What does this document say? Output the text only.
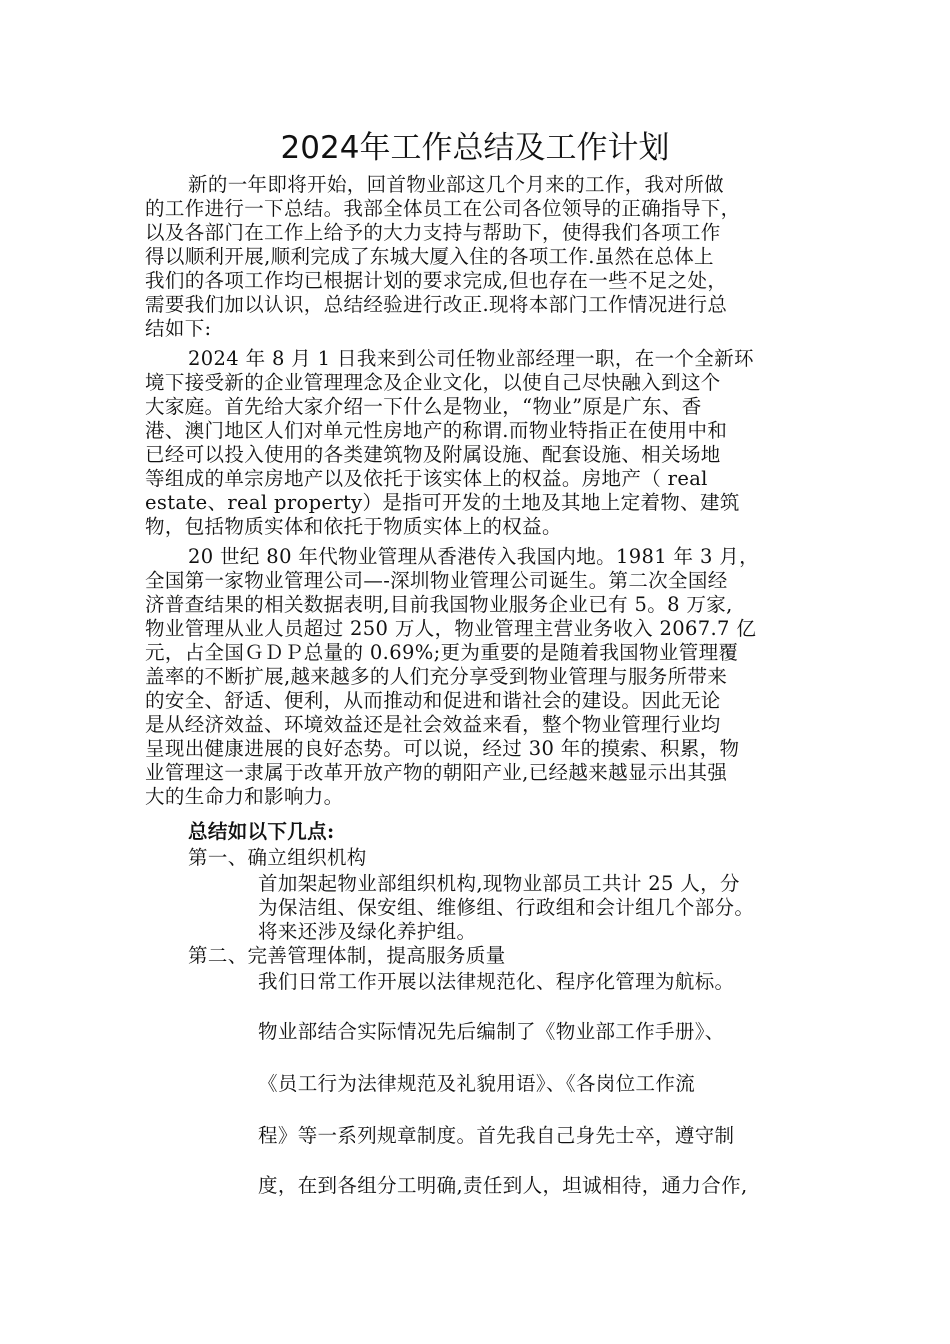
2024年工作总结及工作计划
新的一年即将开始，回首物业部这几个月来的工作，我对所做
的工作进行一下总结。我部全体员工在公司各位领导的正确指导下，
以及各部门在工作上给予的大力支持与帮助下，使得我们各项工作
得以顺利开展,顺利完成了东城大厦入住的各项工作.虽然在总体上
我们的各项工作均已根据计划的要求完成,但也存在一些不足之处，
需要我们加以认识，总结经验进行改正.现将本部门工作情况进行总
结如下:
2024 年 8 月 1 日我来到公司任物业部经理一职，在一个全新环
境下接受新的企业管理理念及企业文化，以使自己尽快融入到这个
大家庭。首先给大家介绍一下什么是物业，“物业”原是广东、香
港、澳门地区人们对单元性房地产的称谓.而物业特指正在使用中和
已经可以投入使用的各类建筑物及附属设施、配套设施、相关场地
等组成的单宗房地产以及依托于该实体上的权益。房地产（ real
estate、real property）是指可开发的土地及其地上定着物、建筑
物，包括物质实体和依托于物质实体上的权益。
20 世纪 80 年代物业管理从香港传入我国内地。1981 年 3 月，
全国第一家物业管理公司—-深圳物业管理公司诞生。第二次全国经
济普查结果的相关数据表明,目前我国物业服务企业已有 5。8 万家,
物业管理从业人员超过 250 万人，物业管理主营业务收入 2067.7 亿
元，占全国ＧＤＰ总量的 0.69%;更为重要的是随着我国物业管理覆
盖率的不断扩展,越来越多的人们充分享受到物业管理与服务所带来
的安全、舒适、便利，从而推动和促进和谐社会的建设。因此无论
是从经济效益、环境效益还是社会效益来看，整个物业管理行业均
呈现出健康进展的良好态势。可以说，经过 30 年的摸索、积累，物
业管理这一隶属于改革开放产物的朝阳产业,已经越来越显示出其强
大的生命力和影响力。
总结如以下几点:
第一、确立组织机构
首加架起物业部组织机构,现物业部员工共计 25 人，分
为保洁组、保安组、维修组、行政组和会计组几个部分。
将来还涉及绿化养护组。
第二、完善管理体制，提高服务质量
我们日常工作开展以法律规范化、程序化管理为航标。
物业部结合实际情况先后编制了《物业部工作手册》、
《员工行为法律规范及礼貌用语》、《各岗位工作流
程》等一系列规章制度。首先我自己身先士卒，遵守制
度，在到各组分工明确,责任到人，坦诚相待，通力合作,
